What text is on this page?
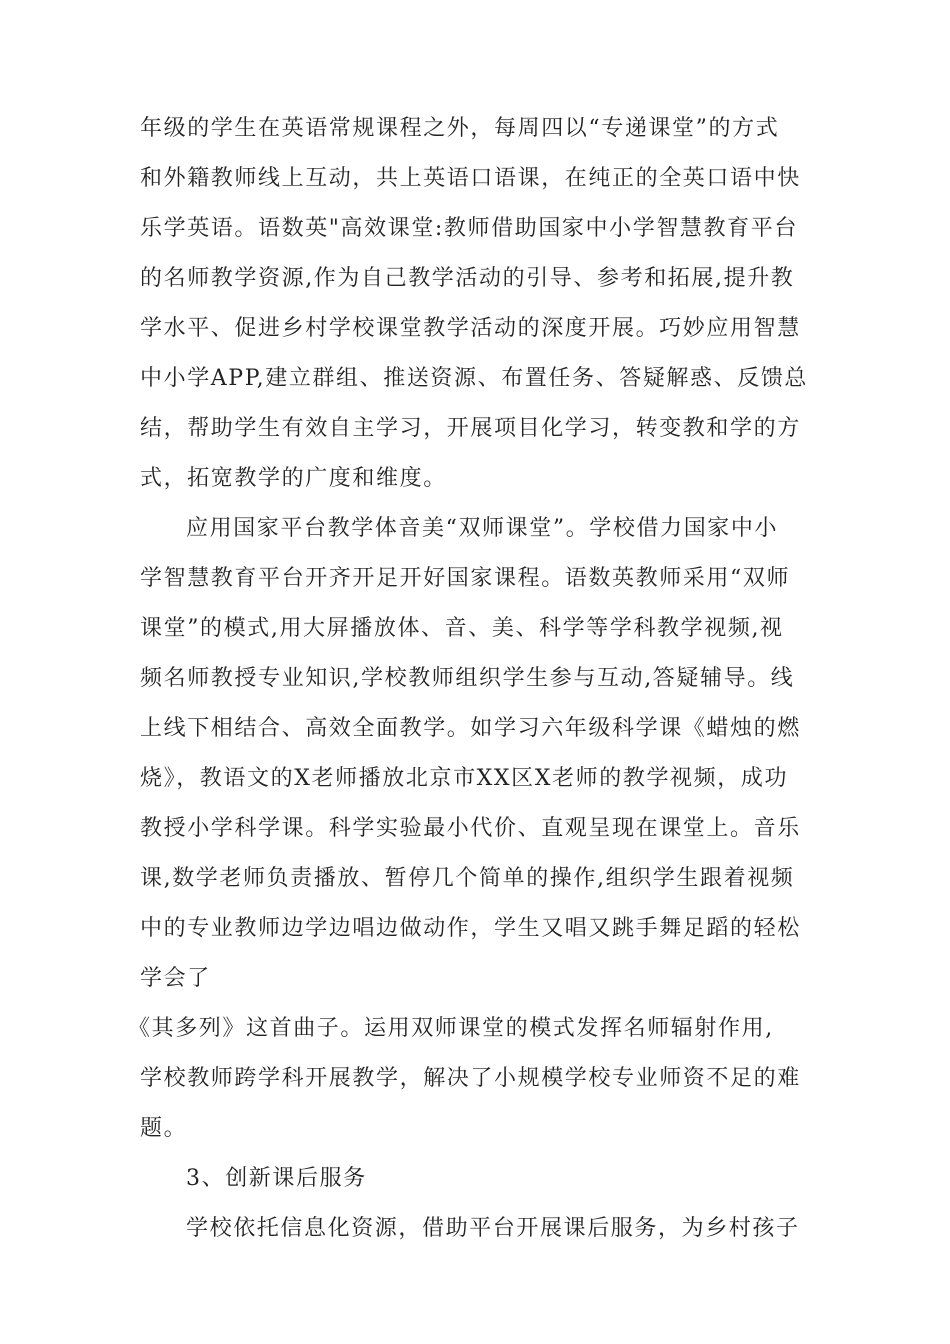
年级的学生在英语常规课程之外，每周四以“专递课堂”的方式
和外籍教师线上互动，共上英语口语课，在纯正的全英口语中快
乐学英语。语数英"高效课堂:教师借助国家中小学智慧教育平台
的名师教学资源,作为自己教学活动的引导、参考和拓展,提升教
学水平、促进乡村学校课堂教学活动的深度开展。巧妙应用智慧
中小学APP,建立群组、推送资源、布置任务、答疑解惑、反馈总
结，帮助学生有效自主学习，开展项目化学习，转变教和学的方
式，拓宽教学的广度和维度。
应用国家平台教学体音美“双师课堂”。学校借力国家中小
学智慧教育平台开齐开足开好国家课程。语数英教师采用“双师
课堂”的模式,用大屏播放体、音、美、科学等学科教学视频,视
频名师教授专业知识,学校教师组织学生参与互动,答疑辅导。线
上线下相结合、高效全面教学。如学习六年级科学课《蜡烛的燃
烧》，教语文的X老师播放北京市XX区X老师的教学视频，成功
教授小学科学课。科学实验最小代价、直观呈现在课堂上。音乐
课,数学老师负责播放、暂停几个简单的操作,组织学生跟着视频
中的专业教师边学边唱边做动作，学生又唱又跳手舞足蹈的轻松
学会了
《其多列》这首曲子。运用双师课堂的模式发挥名师辐射作用,
学校教师跨学科开展教学，解决了小规模学校专业师资不足的难
题。
3、创新课后服务
学校依托信息化资源，借助平台开展课后服务，为乡村孩子
